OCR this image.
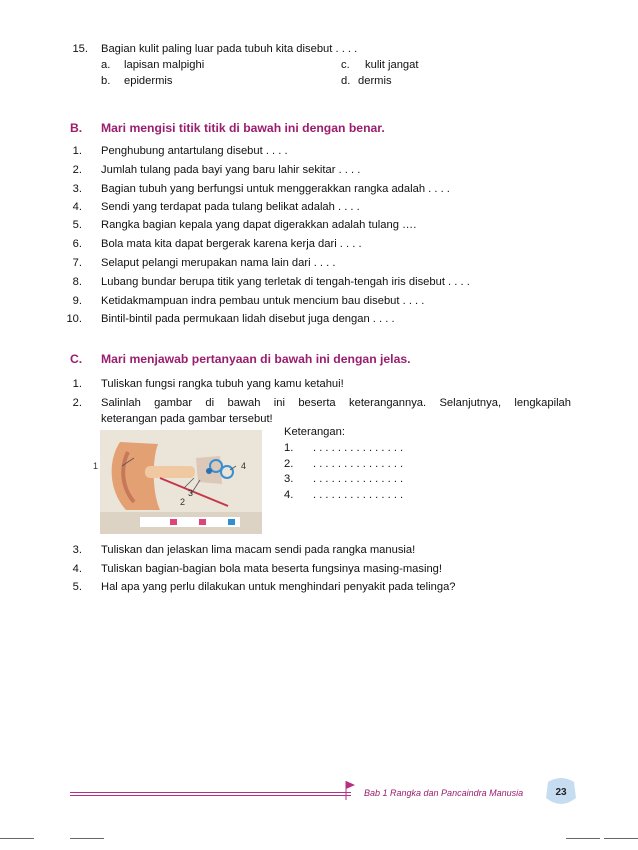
15. Bagian kulit paling luar pada tubuh kita disebut . . . .
a. lapisan malpighi
b. epidermis
c. kulit jangat
d. dermis
B. Mari mengisi titik titik di bawah ini dengan benar.
1. Penghubung antartulang disebut . . . .
2. Jumlah tulang pada bayi yang baru lahir sekitar . . . .
3. Bagian tubuh yang berfungsi untuk menggerakkan rangka adalah . . . .
4. Sendi yang terdapat pada tulang belikat adalah . . . .
5. Rangka bagian kepala yang dapat digerakkan adalah tulang ….
6. Bola mata kita dapat bergerak karena kerja dari . . . .
7. Selaput pelangi merupakan nama lain dari . . . .
8. Lubang bundar berupa titik yang terletak di tengah-tengah iris disebut . . . .
9. Ketidakmampuan indra pembau untuk mencium bau disebut . . . .
10. Bintil-bintil pada permukaan lidah disebut juga dengan . . . .
C. Mari menjawab pertanyaan di bawah ini dengan jelas.
1. Tuliskan fungsi rangka tubuh yang kamu ketahui!
2. Salinlah gambar di bawah ini beserta keterangannya. Selanjutnya, lengkapilah
keterangan pada gambar tersebut!
1
2
3
4
Keterangan:
1. . . . . . . . . . . . . . . .
2. . . . . . . . . . . . . . . .
3. . . . . . . . . . . . . . . .
4. . . . . . . . . . . . . . . .
3. Tuliskan dan jelaskan lima macam sendi pada rangka manusia!
4. Tuliskan bagian-bagian bola mata beserta fungsinya masing-masing!
5. Hal apa yang perlu dilakukan untuk menghindari penyakit pada telinga?
Bab 1 Rangka dan Pancaindra Manusia	23
